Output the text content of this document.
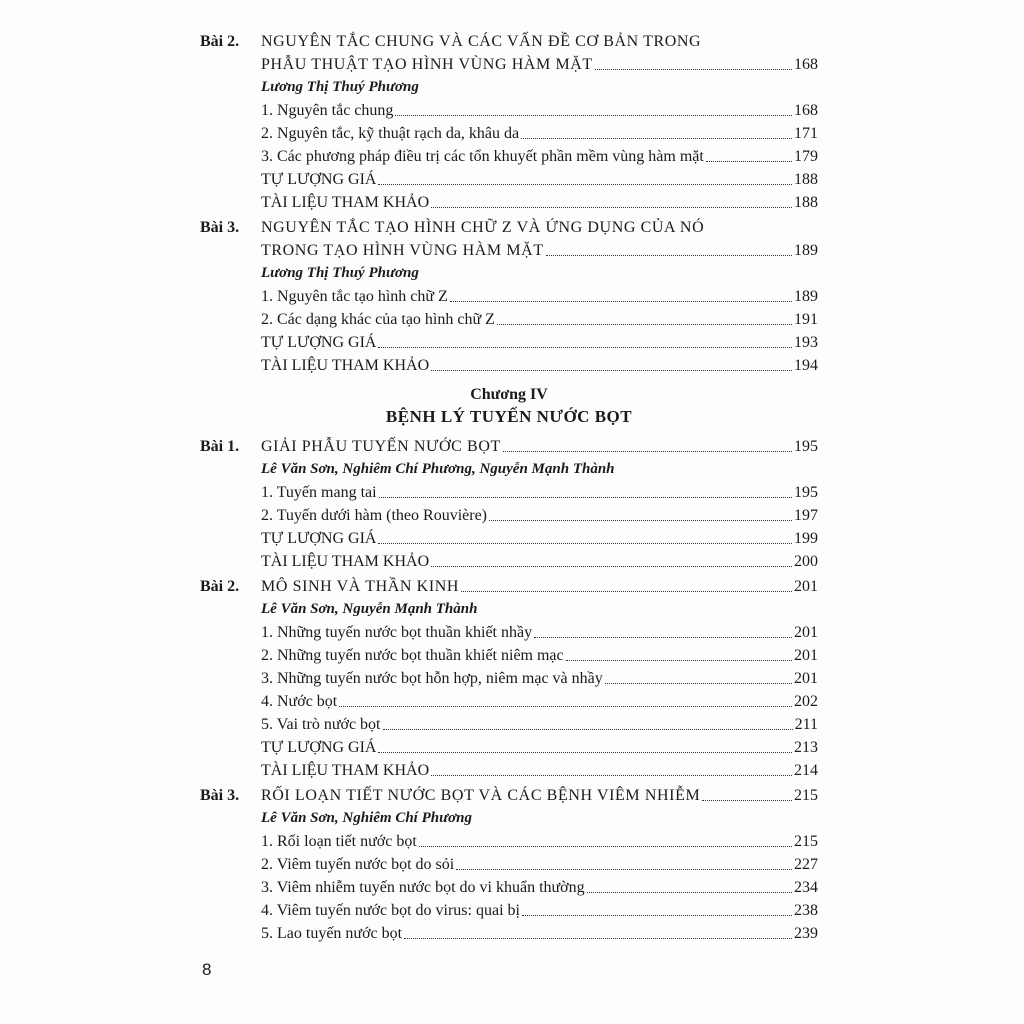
Bài 2. NGUYÊN TẮC CHUNG VÀ CÁC VẤN ĐỀ CƠ BẢN TRONG
PHẪU THUẬT TẠO HÌNH VÙNG HÀM MẶT	168
Lương Thị Thuý Phương
1. Nguyên tắc chung	168
2. Nguyên tắc, kỹ thuật rạch da, khâu da	171
3. Các phương pháp điều trị các tổn khuyết phần mềm vùng hàm mặt	179
TỰ LƯỢNG GIÁ	188
TÀI LIỆU THAM KHẢO	188
Bài 3. NGUYÊN TẮC TẠO HÌNH CHỮ Z VÀ ỨNG DỤNG CỦA NÓ
TRONG TẠO HÌNH VÙNG HÀM MẶT	189
Lương Thị Thuý Phương
1. Nguyên tắc tạo hình chữ Z	189
2. Các dạng khác của tạo hình chữ Z	191
TỰ LƯỢNG GIÁ	193
TÀI LIỆU THAM KHẢO	194
Chương IV
BỆNH LÝ TUYẾN NƯỚC BỌT
Bài 1. GIẢI PHẪU TUYẾN NƯỚC BỌT	195
Lê Văn Sơn, Nghiêm Chí Phương, Nguyễn Mạnh Thành
1. Tuyến mang tai	195
2. Tuyến dưới hàm (theo Rouvière)	197
TỰ LƯỢNG GIÁ	199
TÀI LIỆU THAM KHẢO	200
Bài 2. MÔ SINH VÀ THẦN KINH	201
Lê Văn Sơn, Nguyễn Mạnh Thành
1. Những tuyến nước bọt thuần khiết nhầy	201
2. Những tuyến nước bọt thuần khiết niêm mạc	201
3. Những tuyến nước bọt hỗn hợp, niêm mạc và nhầy	201
4. Nước bọt	202
5. Vai trò nước bọt	211
TỰ LƯỢNG GIÁ	213
TÀI LIỆU THAM KHẢO	214
Bài 3. RỐI LOẠN TIẾT NƯỚC BỌT VÀ CÁC BỆNH VIÊM NHIỄM	215
Lê Văn Sơn, Nghiêm Chí Phương
1. Rối loạn tiết nước bọt	215
2. Viêm tuyến nước bọt do sỏi	227
3. Viêm nhiễm tuyến nước bọt do vi khuẩn thường	234
4. Viêm tuyến nước bọt do virus: quai bị	238
5. Lao tuyến nước bọt	239
8
